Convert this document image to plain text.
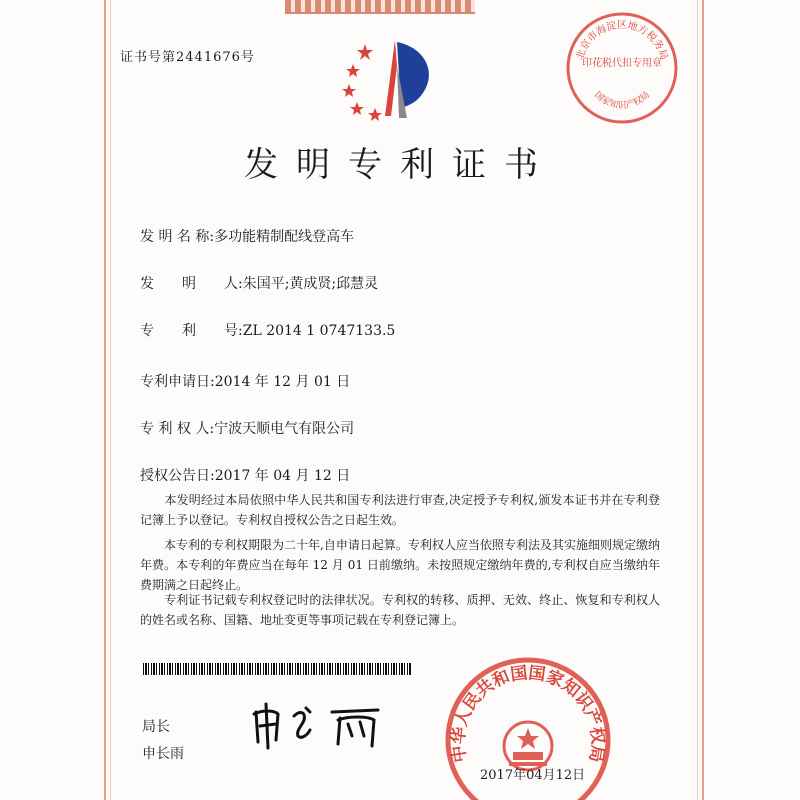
证书号第2441676号	北京市海淀区地方税务局
印花税代扣专用章
国家知识产权局
发明专利证书
发 明 名 称:多功能精制配线登高车
发　　明　　人:朱国平;黄成贤;邱慧灵
专　　利　　号:ZL 2014 1 0747133.5
专利申请日:2014 年 12 月 01 日
专 利 权 人:宁波天顺电气有限公司
授权公告日:2017 年 04 月 12 日
　　本发明经过本局依照中华人民共和国专利法进行审查,决定授予专利权,颁发本证书并在专利登记簿上予以登记。专利权自授权公告之日起生效。
　　本专利的专利权期限为二十年,自申请日起算。专利权人应当依照专利法及其实施细则规定缴纳年费。本专利的年费应当在每年 12 月 01 日前缴纳。未按照规定缴纳年费的,专利权自应当缴纳年费期满之日起终止。
　　专利证书记载专利权登记时的法律状况。专利权的转移、质押、无效、终止、恢复和专利权人的姓名或名称、国籍、地址变更等事项记载在专利登记簿上。
局长
申长雨	中华人民共和国国家知识产权局
2017年04月12日
